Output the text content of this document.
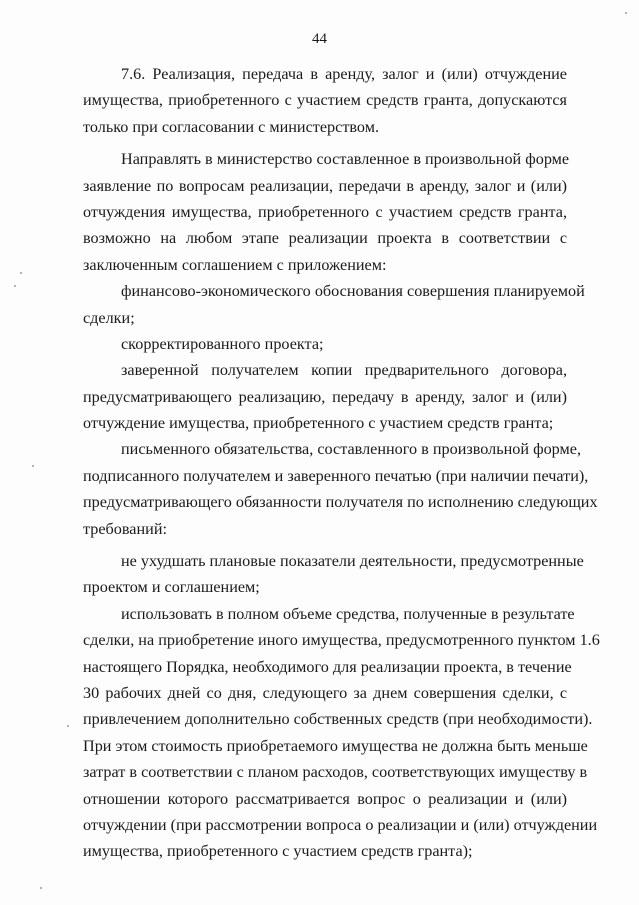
44
7.6. Реализация, передача в аренду, залог и (или) отчуждение
имущества, приобретенного с участием средств гранта, допускаются
только при согласовании с министерством.
Направлять в министерство составленное в произвольной форме
заявление по вопросам реализации, передачи в аренду, залог и (или)
отчуждения имущества, приобретенного с участием средств гранта,
возможно на любом этапе реализации проекта в соответствии с
заключенным соглашением с приложением:
финансово-экономического обоснования совершения планируемой
сделки;
скорректированного проекта;
заверенной получателем копии предварительного договора,
предусматривающего реализацию, передачу в аренду, залог и (или)
отчуждение имущества, приобретенного с участием средств гранта;
письменного обязательства, составленного в произвольной форме,
подписанного получателем и заверенного печатью (при наличии печати),
предусматривающего обязанности получателя по исполнению следующих
требований:
не ухудшать плановые показатели деятельности, предусмотренные
проектом и соглашением;
использовать в полном объеме средства, полученные в результате
сделки, на приобретение иного имущества, предусмотренного пунктом 1.6
настоящего Порядка, необходимого для реализации проекта, в течение
30 рабочих дней со дня, следующего за днем совершения сделки, с
привлечением дополнительно собственных средств (при необходимости).
При этом стоимость приобретаемого имущества не должна быть меньше
затрат в соответствии с планом расходов, соответствующих имуществу в
отношении которого рассматривается вопрос о реализации и (или)
отчуждении (при рассмотрении вопроса о реализации и (или) отчуждении
имущества, приобретенного с участием средств гранта);
